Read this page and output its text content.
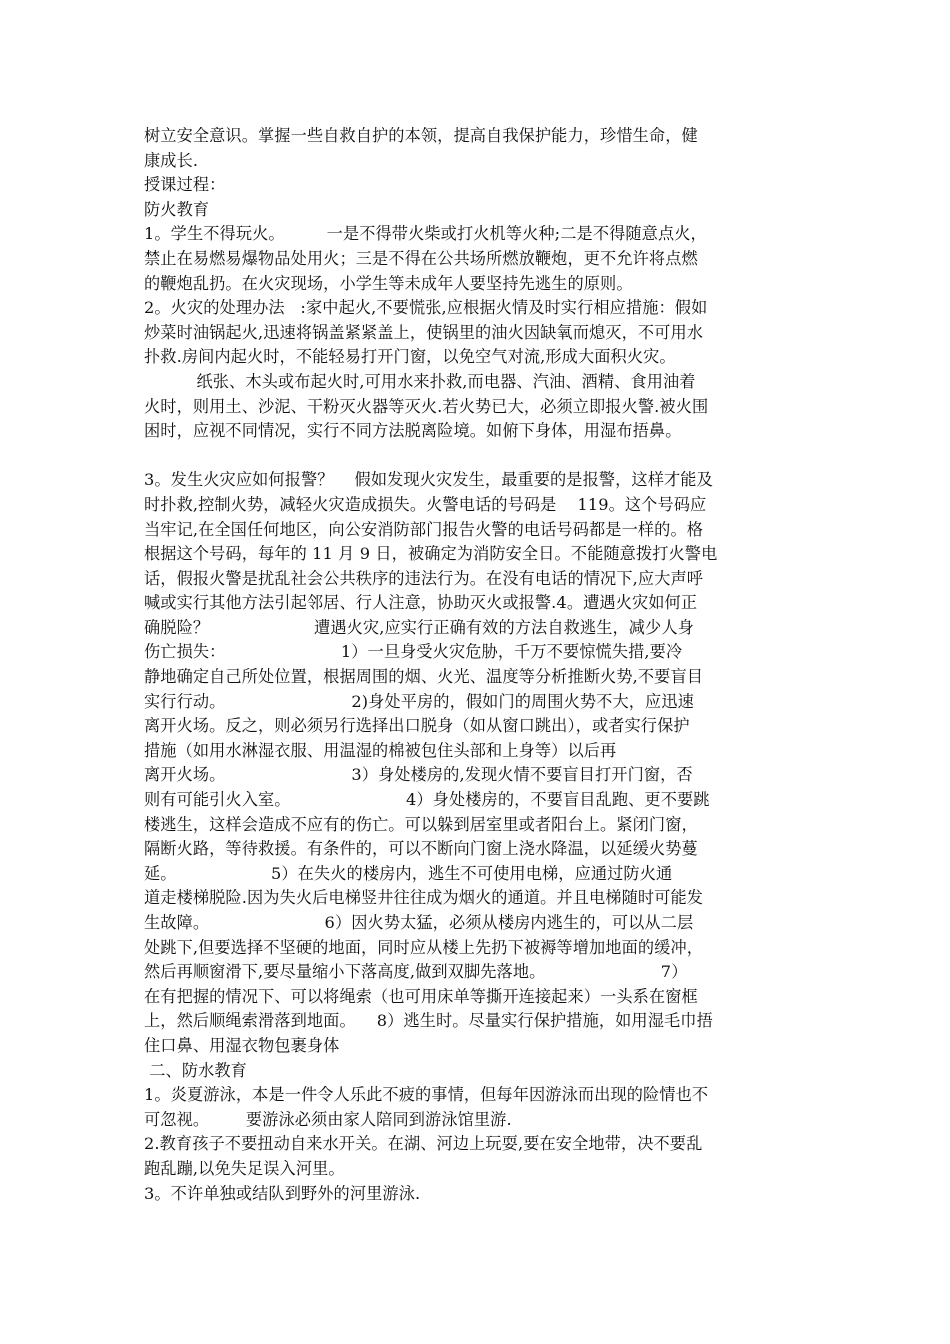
树立安全意识。掌握一些自救自护的本领，提高自我保护能力，珍惜生命，健
康成长.
授课过程：
防火教育
1。学生不得玩火。        一是不得带火柴或打火机等火种;二是不得随意点火，
禁止在易燃易爆物品处用火；三是不得在公共场所燃放鞭炮，更不允许将点燃
的鞭炮乱扔。在火灾现场，小学生等未成年人要坚持先逃生的原则。
2。火灾的处理办法   :家中起火,不要慌张,应根据火情及时实行相应措施：假如
炒菜时油锅起火,迅速将锅盖紧紧盖上，使锅里的油火因缺氧而熄灭，不可用水
扑救.房间内起火时，不能轻易打开门窗，以免空气对流,形成大面积火灾。
纸张、木头或布起火时,可用水来扑救,而电器、汽油、酒精、食用油着
火时，则用土、沙泥、干粉灭火器等灭火.若火势已大，必须立即报火警.被火围
困时，应视不同情况，实行不同方法脱离险境。如俯下身体，用湿布捂鼻。
3。发生火灾应如何报警？    假如发现火灾发生，最重要的是报警，这样才能及
时扑救,控制火势，减轻火灾造成损失。火警电话的号码是    119。这个号码应
当牢记,在全国任何地区，向公安消防部门报告火警的电话号码都是一样的。格
根据这个号码，每年的 11 月 9 日，被确定为消防安全日。不能随意拨打火警电
话，假报火警是扰乱社会公共秩序的违法行为。在没有电话的情况下,应大声呼
喊或实行其他方法引起邻居、行人注意，协助灭火或报警.4。遭遇火灾如何正
确脱险？                    遭遇火灾,应实行正确有效的方法自救逃生，减少人身
伤亡损失：                      1）一旦身受火灾危胁，千万不要惊慌失措,要冷
静地确定自己所处位置，根据周围的烟、火光、温度等分析推断火势,不要盲目
实行行动。                        2)身处平房的，假如门的周围火势不大，应迅速
离开火场。反之，则必须另行选择出口脱身（如从窗口跳出），或者实行保护
措施（如用水淋湿衣服、用温湿的棉被包住头部和上身等）以后再
离开火场。                        3）身处楼房的,发现火情不要盲目打开门窗，否
则有可能引火入室。                      4）身处楼房的，不要盲目乱跑、更不要跳
楼逃生，这样会造成不应有的伤亡。可以躲到居室里或者阳台上。紧闭门窗，
隔断火路，等待救援。有条件的，可以不断向门窗上浇水降温，以延缓火势蔓
延。                  5）在失火的楼房内，逃生不可使用电梯，应通过防火通
道走楼梯脱险.因为失火后电梯竖井往往成为烟火的通道。并且电梯随时可能发
生故障。                      6）因火势太猛，必须从楼房内逃生的，可以从二层
处跳下,但要选择不坚硬的地面，同时应从楼上先扔下被褥等增加地面的缓冲，
然后再顺窗滑下,要尽量缩小下落高度,做到双脚先落地。                      7）
在有把握的情况下、可以将绳索（也可用床单等撕开连接起来）一头系在窗框
上，然后顺绳索滑落到地面。    8）逃生时。尽量实行保护措施，如用湿毛巾捂
住口鼻、用湿衣物包裹身体
二、防水教育
1。炎夏游泳，本是一件令人乐此不疲的事情，但每年因游泳而出现的险情也不
可忽视。       要游泳必须由家人陪同到游泳馆里游.
2.教育孩子不要扭动自来水开关。在湖、河边上玩耍,要在安全地带，决不要乱
跑乱蹦,以免失足误入河里。
3。不许单独或结队到野外的河里游泳.
